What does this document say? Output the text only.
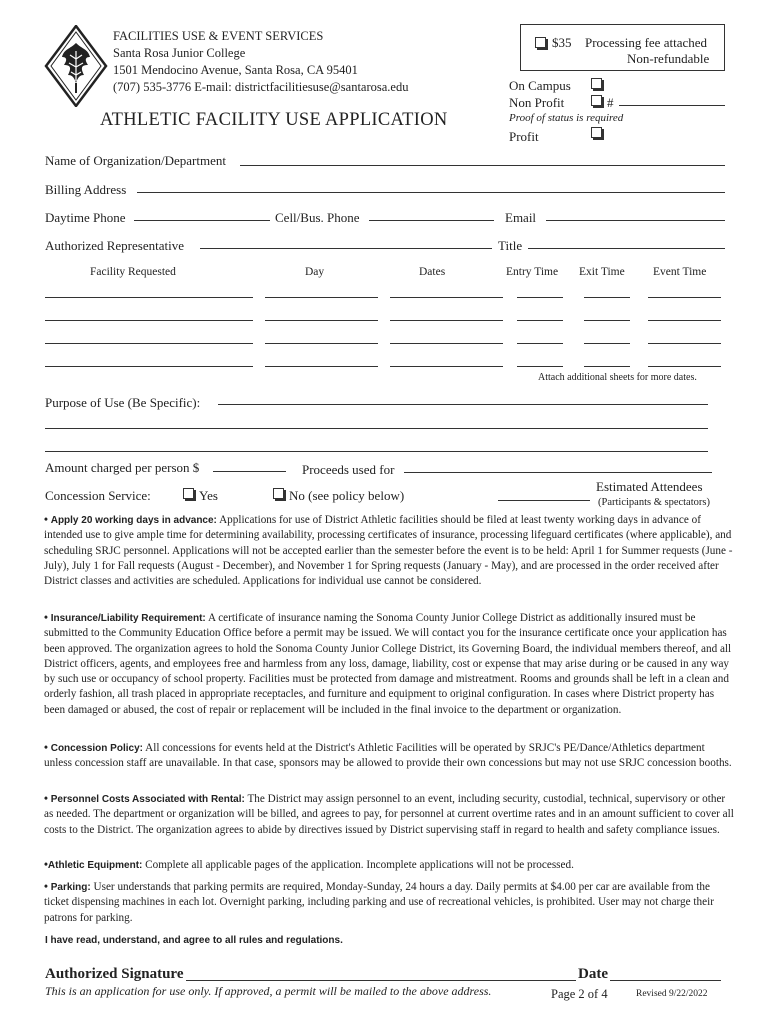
FACILITIES USE & EVENT SERVICES
Santa Rosa Junior College
1501 Mendocino Avenue, Santa Rosa, CA 95401
(707) 535-3776 E-mail: districtfacilitiesuse@santarosa.edu
ATHLETIC FACILITY USE APPLICATION
$35 Processing fee attached
Non-refundable
On Campus
Non Profit	#
Proof of status is required
Profit
Name of Organization/Department
Billing Address
Daytime Phone	Cell/Bus. Phone	Email
Authorized Representative	Title
Facility Requested	Day	Dates	Entry Time Exit Time Event Time
Attach additional sheets for more dates.
Purpose of Use (Be Specific):
Amount charged per person $	Proceeds used for
Concession Service:	Yes	No (see policy below)
Estimated Attendees
(Participants & spectators)
• Apply 20 working days in advance: Applications for use of District Athletic facilities should be filed at least twenty working days in advance of intended use to give ample time for determining availability, processing certificates of insurance, processing lifeguard certificates (where applicable), and scheduling SRJC personnel. Applications will not be accepted earlier than the semester before the event is to be held: April 1 for Summer requests (June - July), July 1 for Fall requests (August - December), and November 1 for Spring requests (January - May), and are processed in the order received after District classes and activities are scheduled. Applications for individual use cannot be considered.
• Insurance/Liability Requirement: A certificate of insurance naming the Sonoma County Junior College District as additionally insured must be submitted to the Community Education Office before a permit may be issued. We will contact you for the insurance certificate once your application has been approved. The organization agrees to hold the Sonoma County Junior College District, its Governing Board, the individual members thereof, and all District officers, agents, and employees free and harmless from any loss, damage, liability, cost or expense that may arise during or be caused in any way by such use or occupancy of school property. Facilities must be protected from damage and mistreatment. Rooms and grounds shall be left in a clean and orderly fashion, all trash placed in appropriate receptacles, and furniture and equipment to original configuration. In cases where District property has been damaged or abused, the cost of repair or replacement will be included in the final invoice to the department or organization.
• Concession Policy: All concessions for events held at the District's Athletic Facilities will be operated by SRJC's PE/Dance/Athletics department unless concession staff are unavailable. In that case, sponsors may be allowed to provide their own concessions but may not use SRJC concession booths.
• Personnel Costs Associated with Rental: The District may assign personnel to an event, including security, custodial, technical, supervisory or other as needed. The department or organization will be billed, and agrees to pay, for personnel at current overtime rates and in an amount sufficient to cover all costs to the District. The organization agrees to abide by directives issued by District supervising staff in regard to health and safety compliance issues.
•Athletic Equipment: Complete all applicable pages of the application. Incomplete applications will not be processed.
• Parking: User understands that parking permits are required, Monday-Sunday, 24 hours a day. Daily permits at $4.00 per car are available from the ticket dispensing machines in each lot. Overnight parking, including parking and use of recreational vehicles, is prohibited. User may not charge their patrons for parking.
I have read, understand, and agree to all rules and regulations.
Authorized Signature	Date
This is an application for use only. If approved, a permit will be mailed to the above address.	Page 2 of 4	Revised 9/22/2022
